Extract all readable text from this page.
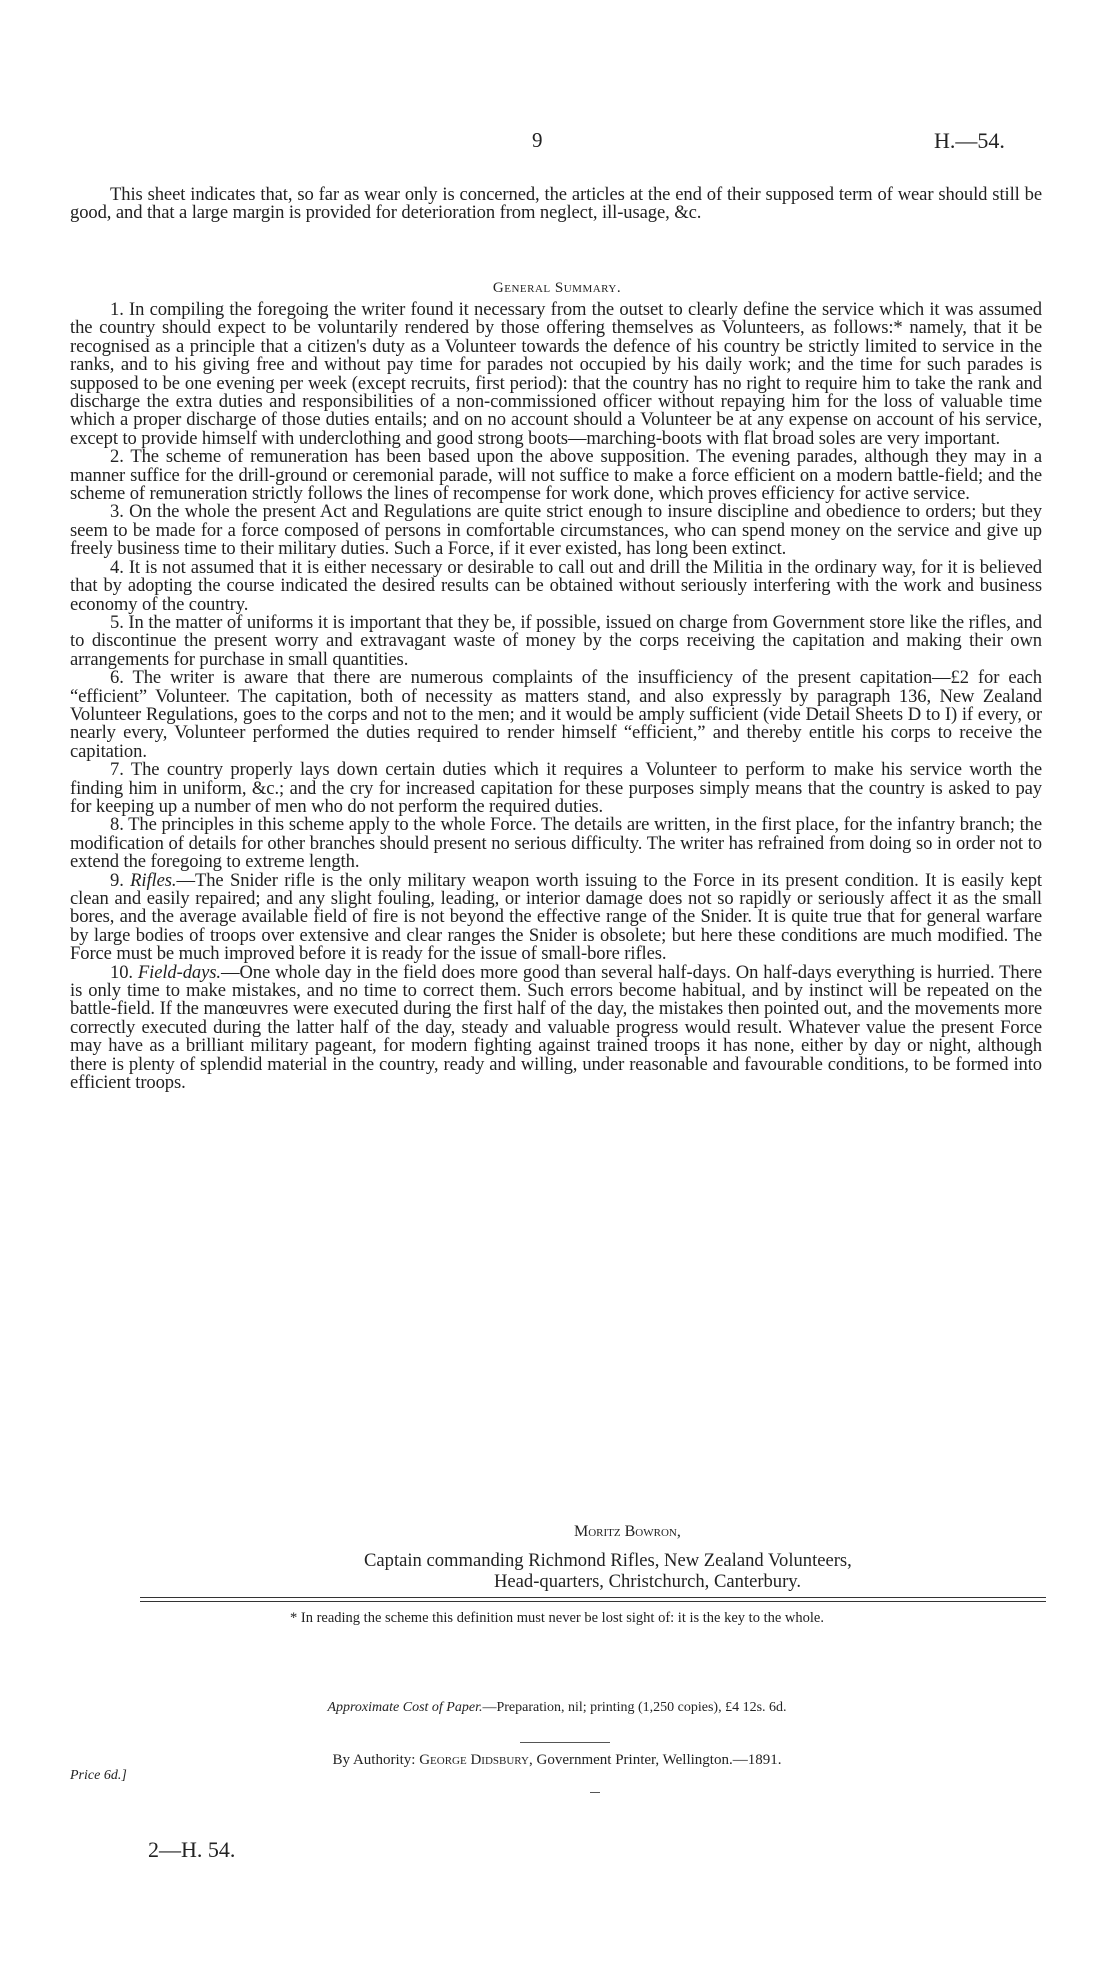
9	H.—54.

This sheet indicates that, so far as wear only is concerned, the articles at the end of their supposed term of wear should still be good, and that a large margin is provided for deterioration from neglect, ill-usage, &c.

General Summary.

1. In compiling the foregoing the writer found it necessary from the outset to clearly define the service which it was assumed the country should expect to be voluntarily rendered by those offering themselves as Volunteers, as follows:* namely, that it be recognised as a principle that a citizen's duty as a Volunteer towards the defence of his country be strictly limited to service in the ranks, and to his giving free and without pay time for parades not occupied by his daily work; and the time for such parades is supposed to be one evening per week (except recruits, first period): that the country has no right to require him to take the rank and discharge the extra duties and responsibilities of a non-commissioned officer without repaying him for the loss of valuable time which a proper discharge of those duties entails; and on no account should a Volunteer be at any expense on account of his service, except to provide himself with underclothing and good strong boots—marching-boots with flat broad soles are very important.

2. The scheme of remuneration has been based upon the above supposition. The evening parades, although they may in a manner suffice for the drill-ground or ceremonial parade, will not suffice to make a force efficient on a modern battle-field; and the scheme of remuneration strictly follows the lines of recompense for work done, which proves efficiency for active service.

3. On the whole the present Act and Regulations are quite strict enough to insure discipline and obedience to orders; but they seem to be made for a force composed of persons in comfortable circumstances, who can spend money on the service and give up freely business time to their military duties. Such a Force, if it ever existed, has long been extinct.

4. It is not assumed that it is either necessary or desirable to call out and drill the Militia in the ordinary way, for it is believed that by adopting the course indicated the desired results can be obtained without seriously interfering with the work and business economy of the country.

5. In the matter of uniforms it is important that they be, if possible, issued on charge from Government store like the rifles, and to discontinue the present worry and extravagant waste of money by the corps receiving the capitation and making their own arrangements for purchase in small quantities.

6. The writer is aware that there are numerous complaints of the insufficiency of the present capitation—£2 for each “efficient” Volunteer. The capitation, both of necessity as matters stand, and also expressly by paragraph 136, New Zealand Volunteer Regulations, goes to the corps and not to the men; and it would be amply sufficient (vide Detail Sheets D to I) if every, or nearly every, Volunteer performed the duties required to render himself “efficient,” and thereby entitle his corps to receive the capitation.

7. The country properly lays down certain duties which it requires a Volunteer to perform to make his service worth the finding him in uniform, &c.; and the cry for increased capitation for these purposes simply means that the country is asked to pay for keeping up a number of men who do not perform the required duties.

8. The principles in this scheme apply to the whole Force. The details are written, in the first place, for the infantry branch; the modification of details for other branches should present no serious difficulty. The writer has refrained from doing so in order not to extend the foregoing to extreme length.

9. Rifles.—The Snider rifle is the only military weapon worth issuing to the Force in its present condition. It is easily kept clean and easily repaired; and any slight fouling, leading, or interior damage does not so rapidly or seriously affect it as the small bores, and the average available field of fire is not beyond the effective range of the Snider. It is quite true that for general warfare by large bodies of troops over extensive and clear ranges the Snider is obsolete; but here these conditions are much modified. The Force must be much improved before it is ready for the issue of small-bore rifles.

10. Field-days.—One whole day in the field does more good than several half-days. On half-days everything is hurried. There is only time to make mistakes, and no time to correct them. Such errors become habitual, and by instinct will be repeated on the battle-field. If the manœuvres were executed during the first half of the day, the mistakes then pointed out, and the movements more correctly executed during the latter half of the day, steady and valuable progress would result. Whatever value the present Force may have as a brilliant military pageant, for modern fighting against trained troops it has none, either by day or night, although there is plenty of splendid material in the country, ready and willing, under reasonable and favourable conditions, to be formed into efficient troops.

Moritz Bowron,
Captain commanding Richmond Rifles, New Zealand Volunteers,
Head-quarters, Christchurch, Canterbury.
* In reading the scheme this definition must never be lost sight of: it is the key to the whole.
Approximate Cost of Paper.—Preparation, nil; printing (1,250 copies), £4 12s. 6d.
By Authority: George Didsbury, Government Printer, Wellington.—1891.
Price 6d.]
2—H. 54.
